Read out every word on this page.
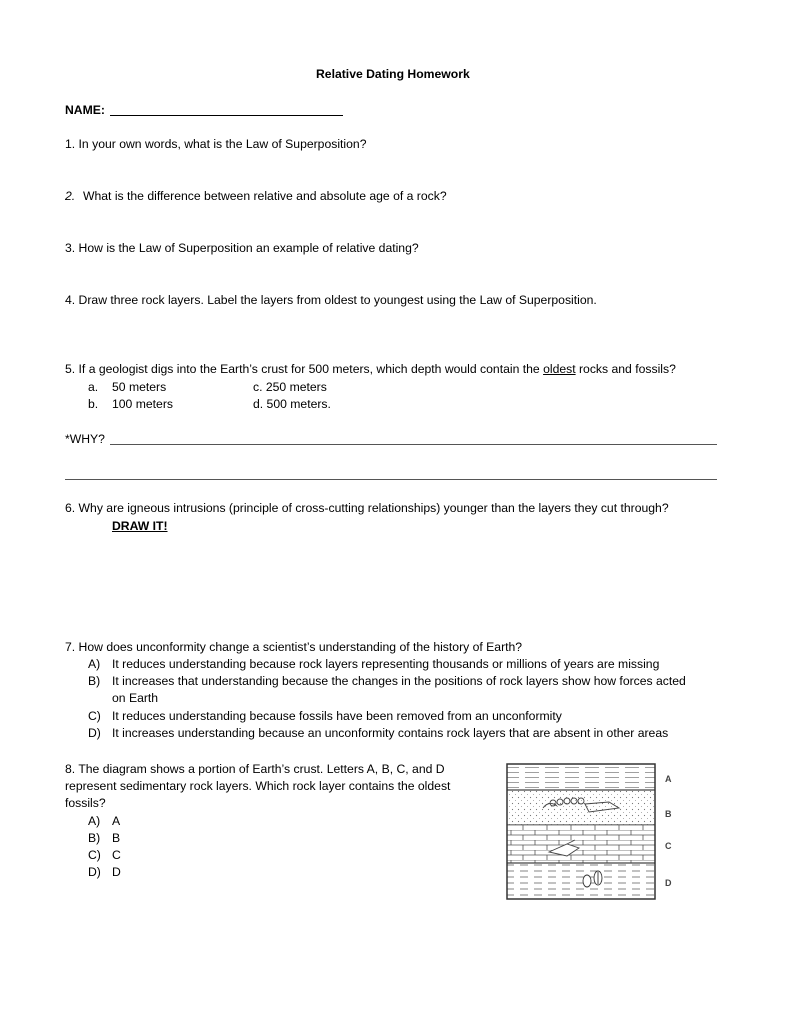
Relative Dating Homework
NAME:
1. In your own words, what is the Law of Superposition?
2. What is the difference between relative and absolute age of a rock?
3. How is the Law of Superposition an example of relative dating?
4. Draw three rock layers. Label the layers from oldest to youngest using the Law of Superposition.
5. If a geologist digs into the Earth’s crust for 500 meters, which depth would contain the oldest rocks and fossils?
a. 50 meters
b. 100 meters
c. 250 meters
d. 500 meters.
*WHY?
6. Why are igneous intrusions (principle of cross-cutting relationships) younger than the layers they cut through?
DRAW IT!
7. How does unconformity change a scientist’s understanding of the history of Earth?
A) It reduces understanding because rock layers representing thousands or millions of years are missing
B) It increases that understanding because the changes in the positions of rock layers show how forces acted
on Earth
C) It reduces understanding because fossils have been removed from an unconformity
D) It increases understanding because an unconformity contains rock layers that are absent in other areas
8. The diagram shows a portion of Earth’s crust. Letters A, B, C, and D
represent sedimentary rock layers. Which rock layer contains the oldest
fossils?
A) A
B) B
C) C
D) D
A
B
C
D
